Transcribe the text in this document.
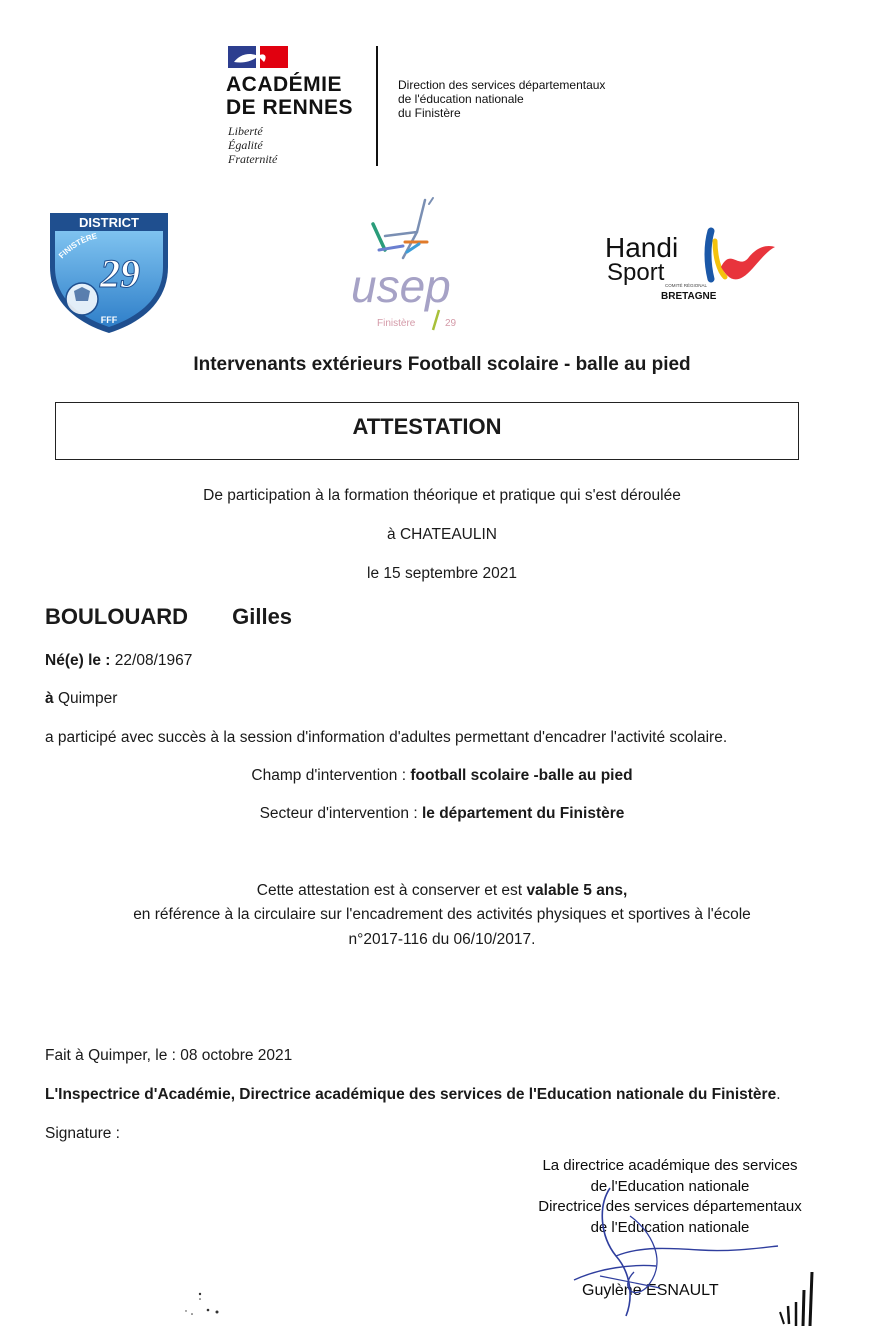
ACADÉMIE
DE RENNES
Liberté
Égalité
Fraternité
Direction des services départementaux
de l'éducation nationale
du Finistère
DISTRICT
FINISTÈRE
29
FFF
usep
Finistère	29
Handi
Sport COMITÉ RÉGIONAL
BRETAGNE
Intervenants extérieurs Football scolaire - balle au pied
ATTESTATION
De participation à la formation théorique et pratique qui s'est déroulée
à CHATEAULIN
le 15 septembre 2021
BOULOUARD Gilles
Né(e) le : 22/08/1967
à Quimper
a participé avec succès à la session d'information d'adultes permettant d'encadrer l'activité scolaire.
Champ d'intervention : football scolaire -balle au pied
Secteur d'intervention : le département du Finistère
Cette attestation est à conserver et est valable 5 ans,
en référence à la circulaire sur l'encadrement des activités physiques et sportives à l'école
n°2017-116 du 06/10/2017.
Fait à Quimper, le : 08 octobre 2021
L'Inspectrice d'Académie, Directrice académique des services de l'Education nationale du Finistère.
Signature :
La directrice académique des services
de l'Education nationale
Directrice des services départementaux
de l'Education nationale
Guylène ESNAULT
